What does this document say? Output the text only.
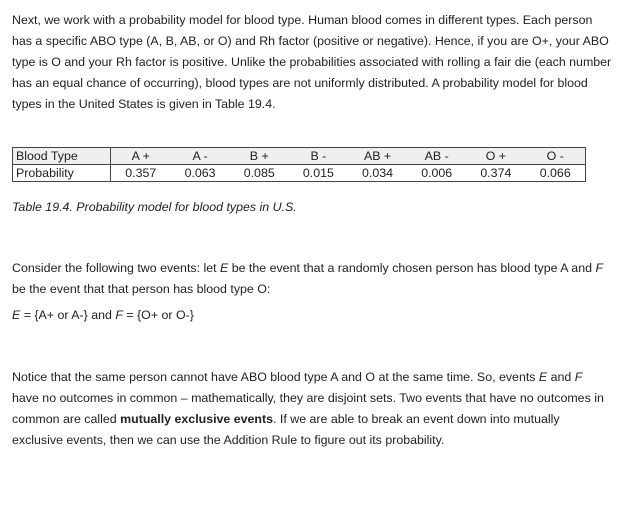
Next, we work with a probability model for blood type. Human blood comes in different types. Each person has a specific ABO type (A, B, AB, or O) and Rh factor (positive or negative). Hence, if you are O+, your ABO type is O and your Rh factor is positive. Unlike the probabilities associated with rolling a fair die (each number has an equal chance of occurring), blood types are not uniformly distributed. A probability model for blood types in the United States is given in Table 19.4.

Blood Type	A +	A -	B +	B -	AB +	AB -	O +	O -
Probability	0.357	0.063	0.085	0.015	0.034	0.006	0.374	0.066

Table 19.4. Probability model for blood types in U.S.

Consider the following two events: let E be the event that a randomly chosen person has blood type A and F be the event that that person has blood type O:

E = {A+ or A-} and F = {O+ or O-}

Notice that the same person cannot have ABO blood type A and O at the same time. So, events E and F have no outcomes in common – mathematically, they are disjoint sets. Two events that have no outcomes in common are called mutually exclusive events. If we are able to break an event down into mutually exclusive events, then we can use the Addition Rule to figure out its probability.
